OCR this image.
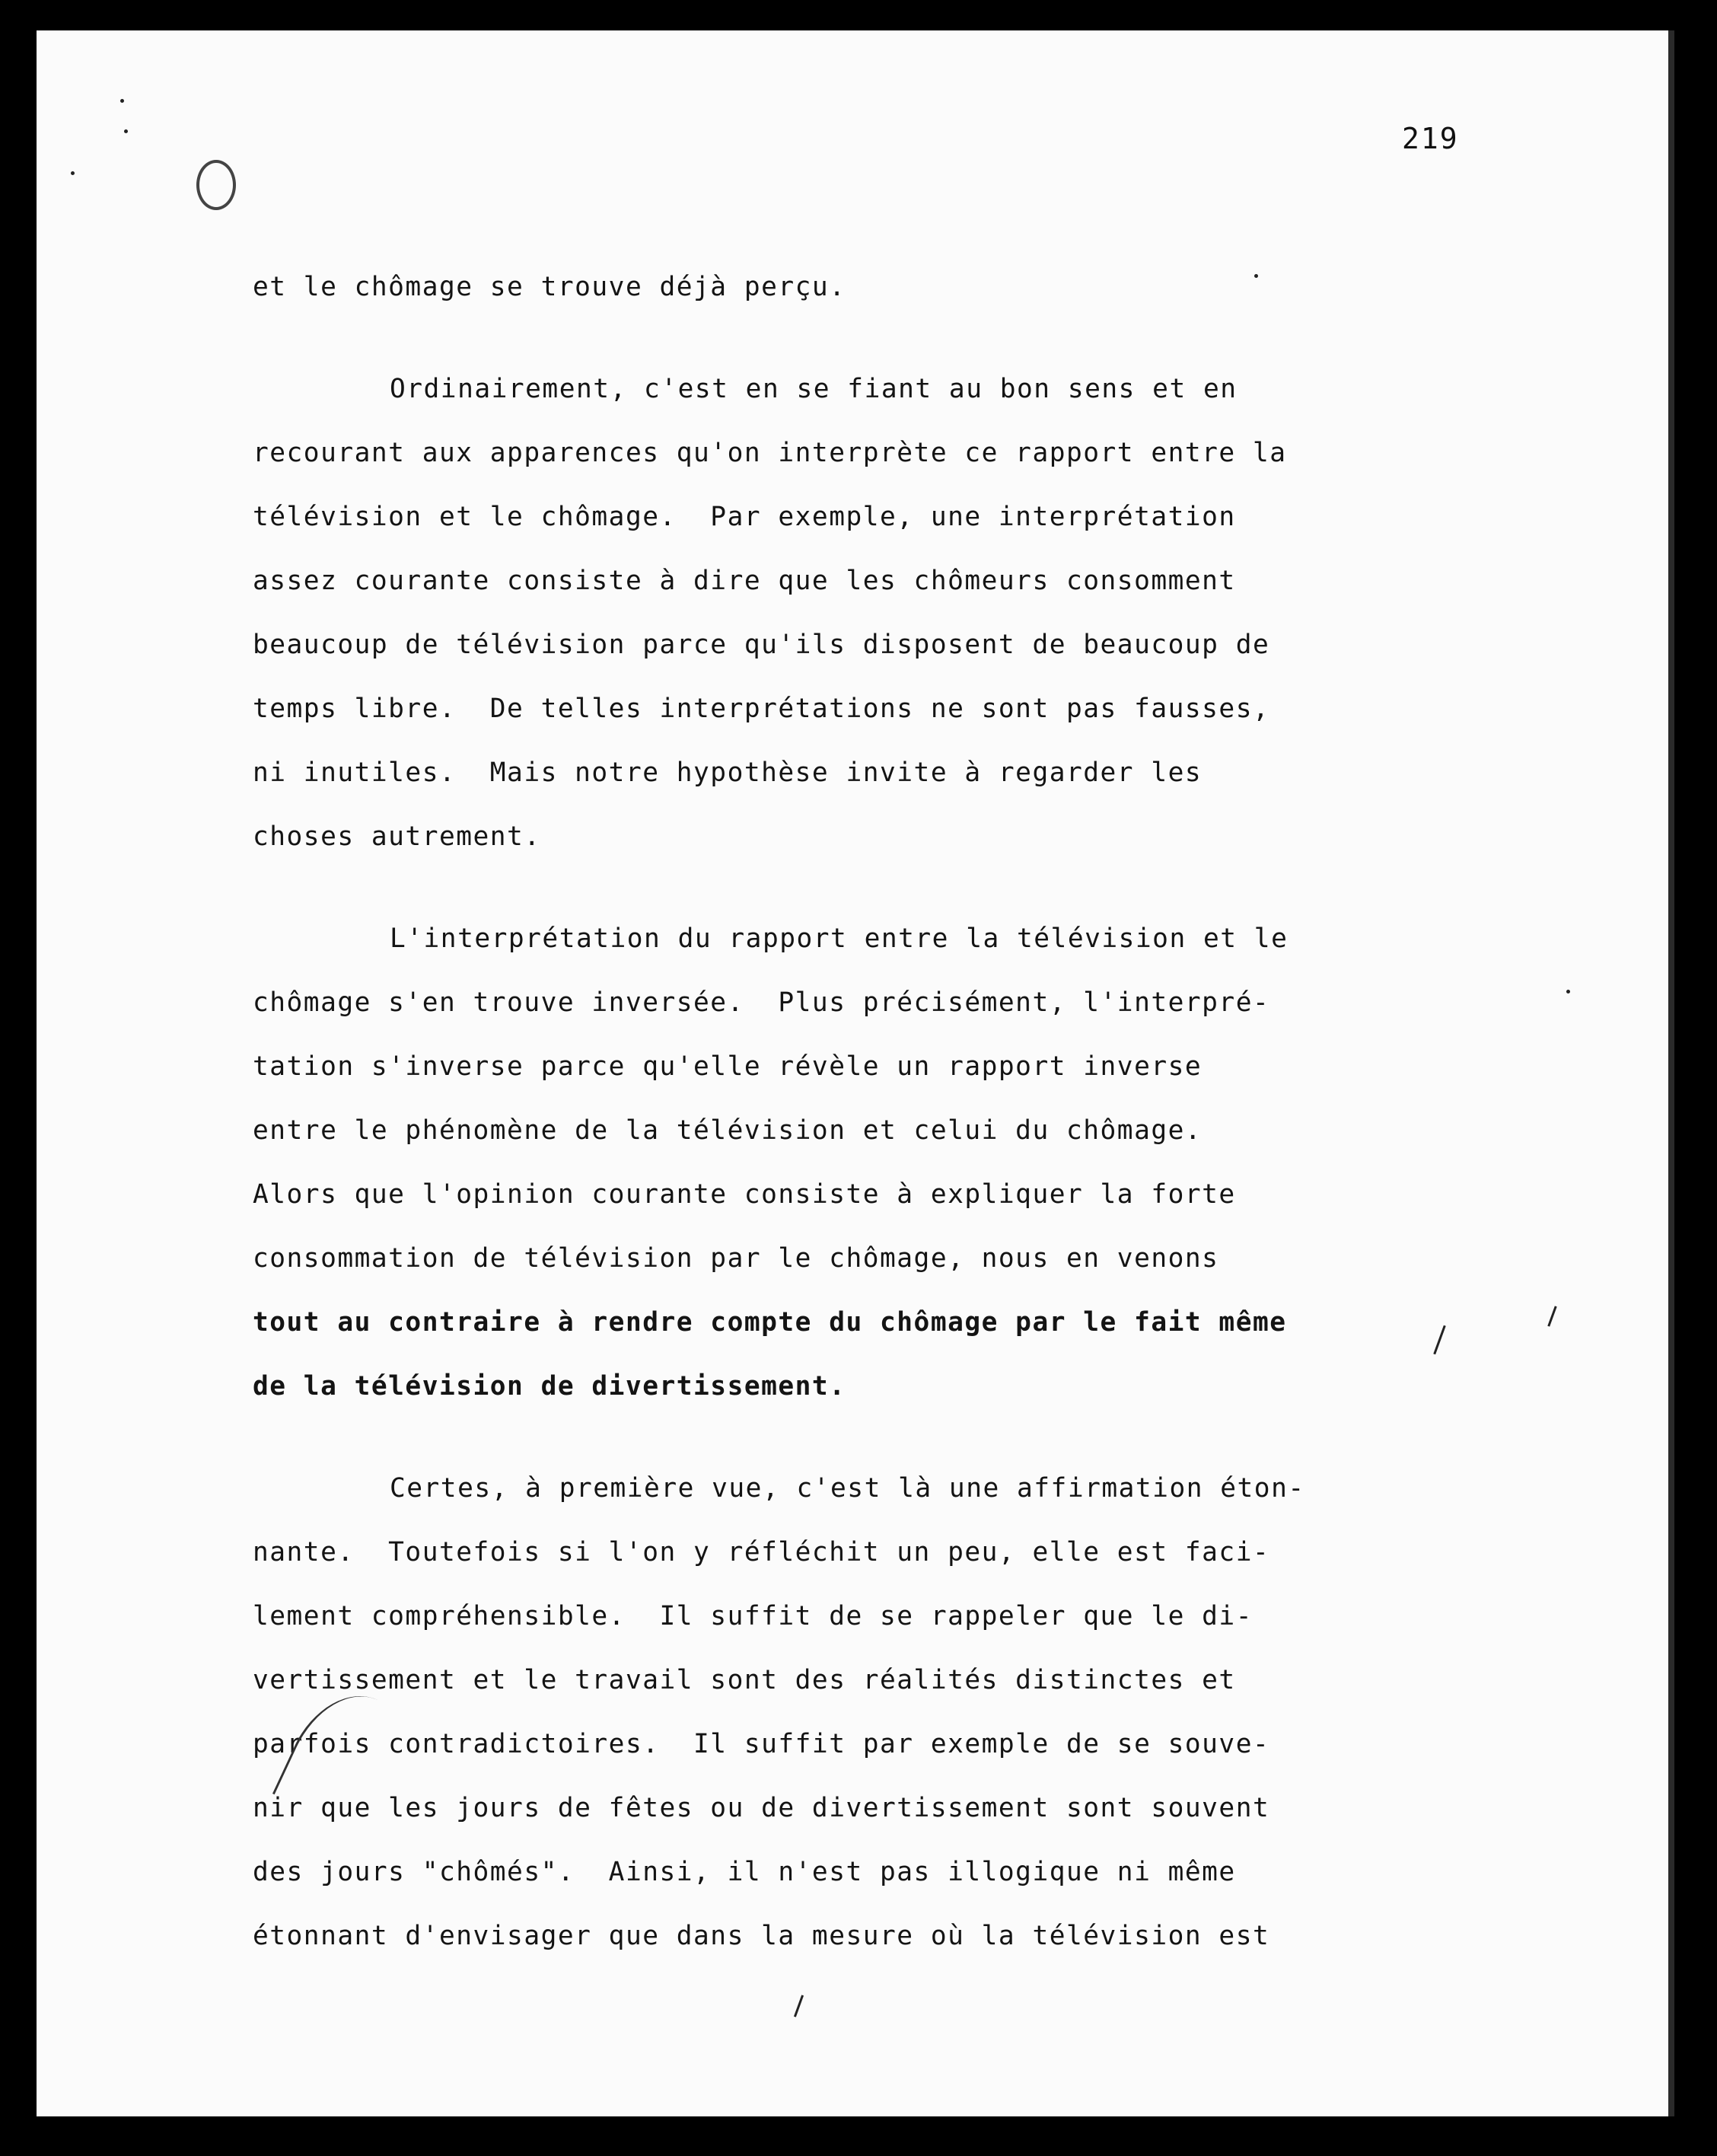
219
et le chômage se trouve déjà perçu.
Ordinairement, c'est en se fiant au bon sens et en
recourant aux apparences qu'on interprète ce rapport entre la
télévision et le chômage.  Par exemple, une interprétation
assez courante consiste à dire que les chômeurs consomment
beaucoup de télévision parce qu'ils disposent de beaucoup de
temps libre.  De telles interprétations ne sont pas fausses,
ni inutiles.  Mais notre hypothèse invite à regarder les
choses autrement.
L'interprétation du rapport entre la télévision et le
chômage s'en trouve inversée.  Plus précisément, l'interpré-
tation s'inverse parce qu'elle révèle un rapport inverse
entre le phénomène de la télévision et celui du chômage.
Alors que l'opinion courante consiste à expliquer la forte
consommation de télévision par le chômage, nous en venons
tout au contraire à rendre compte du chômage par le fait même
de la télévision de divertissement.
Certes, à première vue, c'est là une affirmation éton-
nante.  Toutefois si l'on y réfléchit un peu, elle est faci-
lement compréhensible.  Il suffit de se rappeler que le di-
vertissement et le travail sont des réalités distinctes et
parfois contradictoires.  Il suffit par exemple de se souve-
nir que les jours de fêtes ou de divertissement sont souvent
des jours "chômés".  Ainsi, il n'est pas illogique ni même
étonnant d'envisager que dans la mesure où la télévision est
